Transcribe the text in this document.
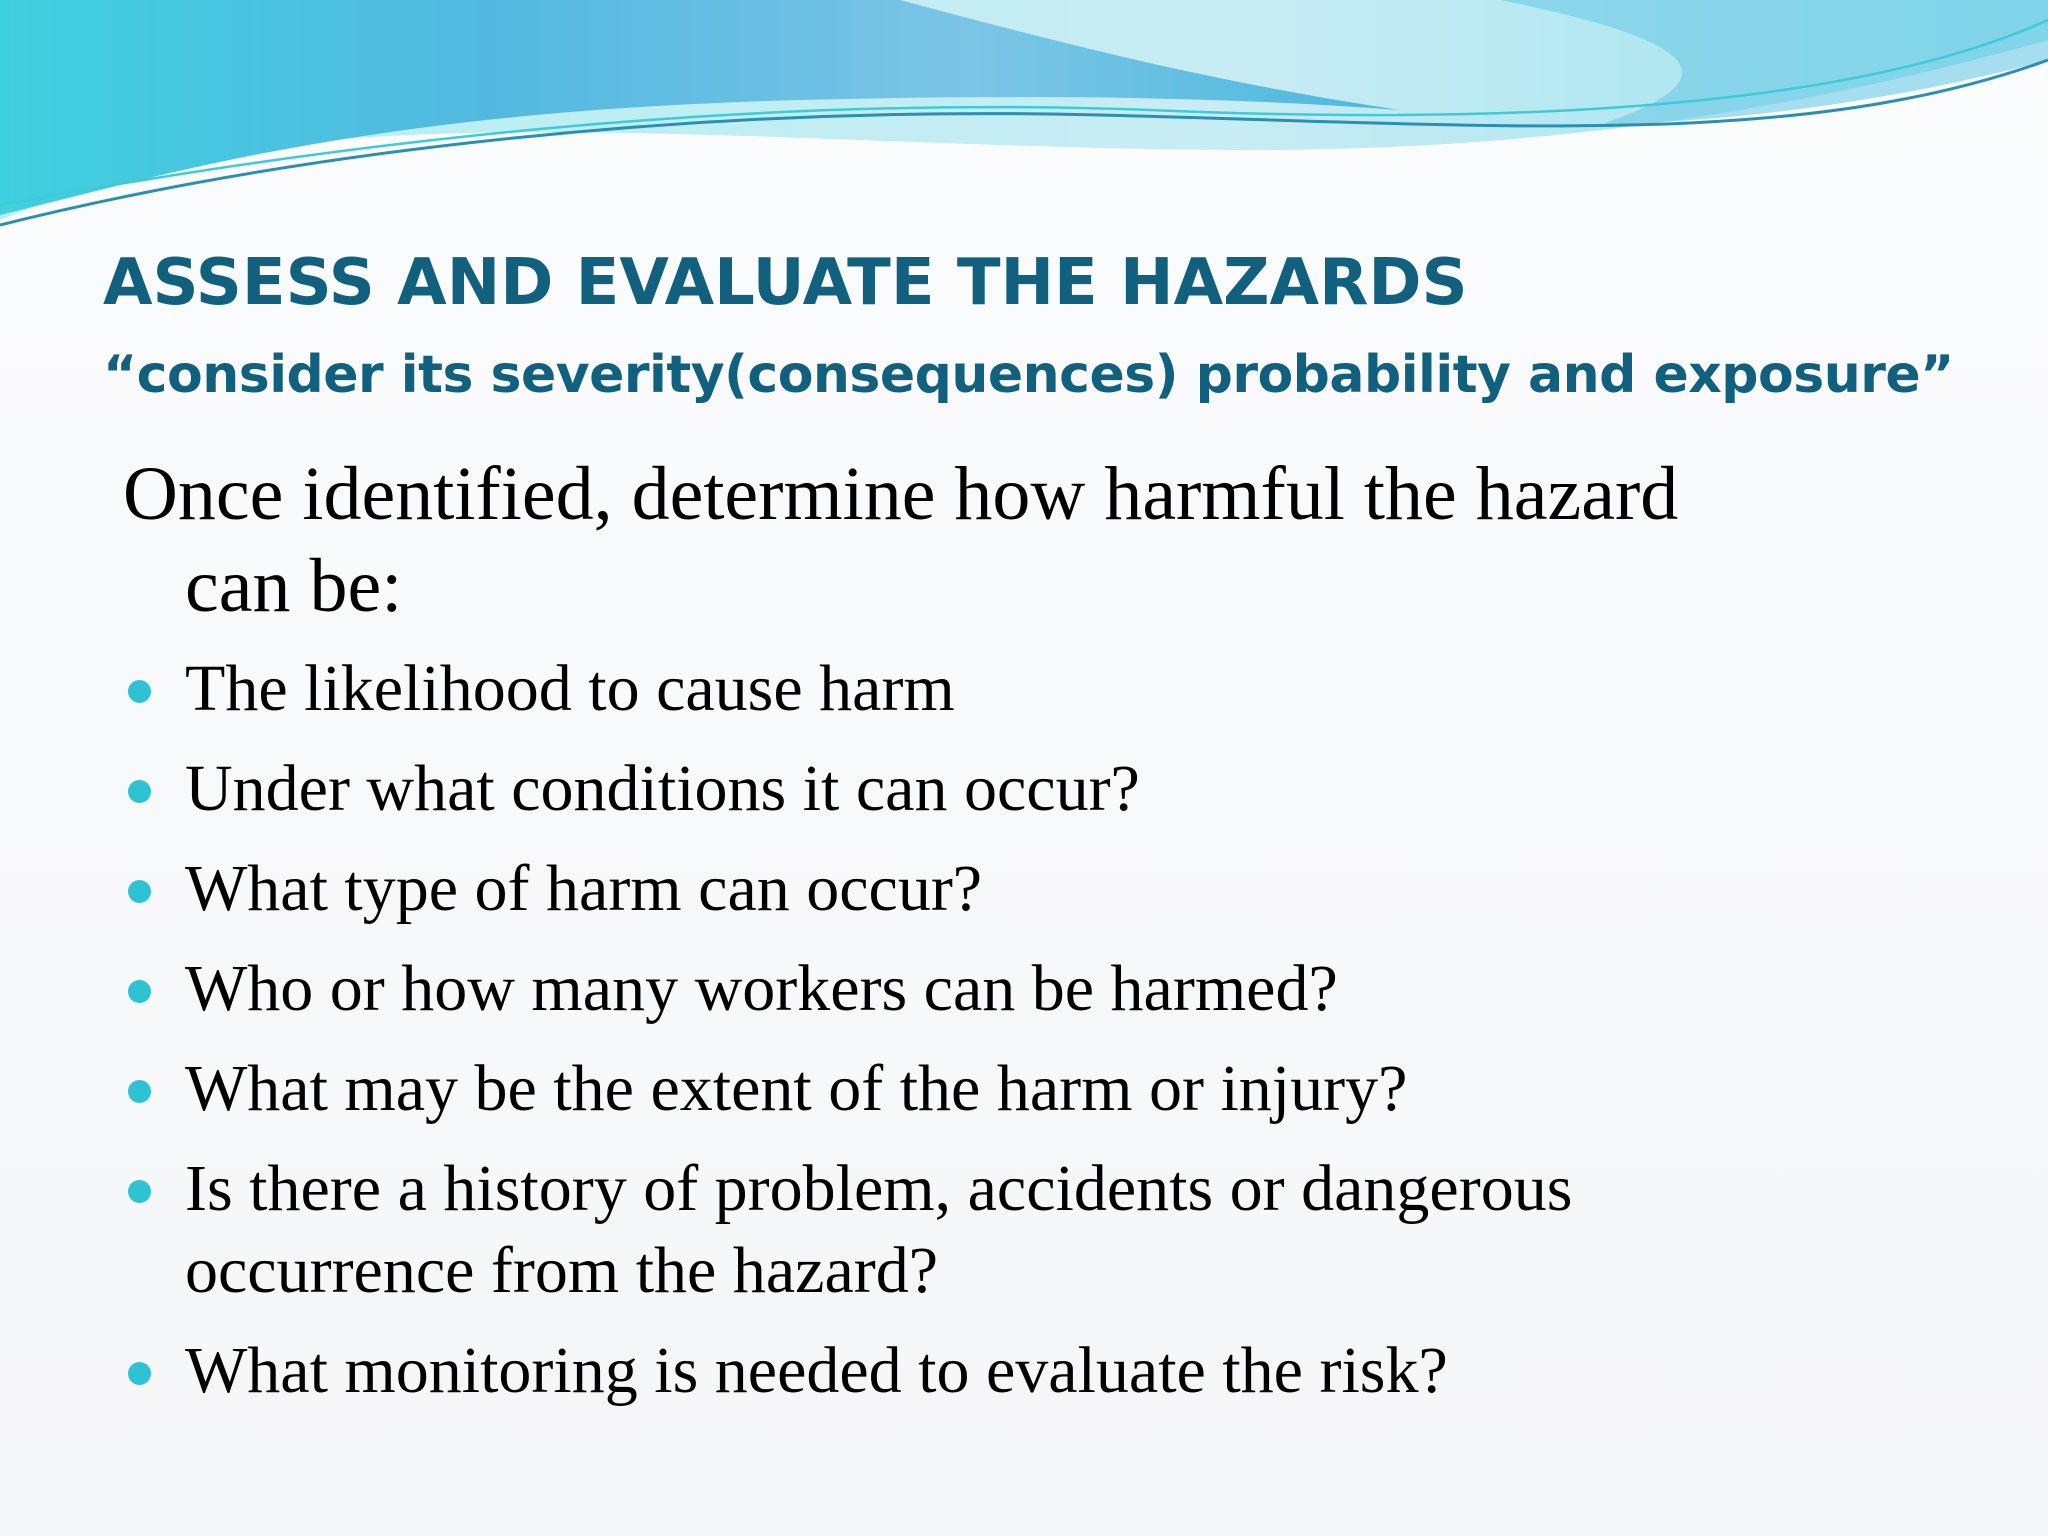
ASSESS AND EVALUATE THE HAZARDS
“consider its severity(consequences) probability and exposure”

Once identified, determine how harmful the hazard
can be:

The likelihood to cause harm
Under what conditions it can occur?
What type of harm can occur?
Who or how many workers can be harmed?
What may be the extent of the harm or injury?
Is there a history of problem, accidents or dangerous occurrence from the hazard?
What monitoring is needed to evaluate the risk?
